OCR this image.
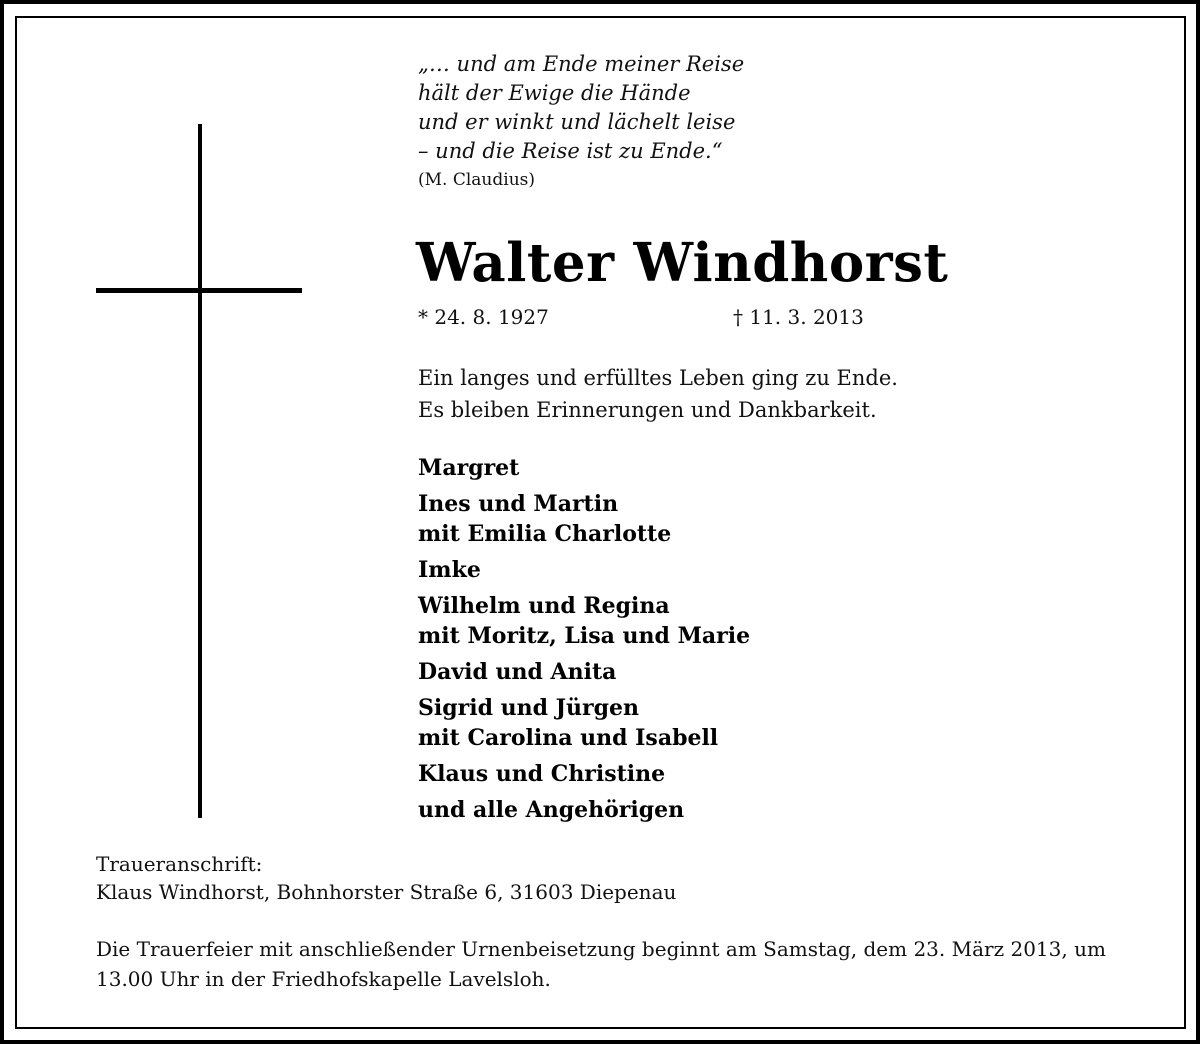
„… und am Ende meiner Reise
hält der Ewige die Hände
und er winkt und lächelt leise
– und die Reise ist zu Ende.“
(M. Claudius)
Walter Windhorst
* 24. 8. 1927	† 11. 3. 2013
Ein langes und erfülltes Leben ging zu Ende.
Es bleiben Erinnerungen und Dankbarkeit.
Margret
Ines und Martin
mit Emilia Charlotte
Imke
Wilhelm und Regina
mit Moritz, Lisa und Marie
David und Anita
Sigrid und Jürgen
mit Carolina und Isabell
Klaus und Christine
und alle Angehörigen
Traueranschrift:
Klaus Windhorst, Bohnhorster Straße 6, 31603 Diepenau
Die Trauerfeier mit anschließender Urnenbeisetzung beginnt am Samstag, dem 23. März 2013, um 13.00 Uhr in der Friedhofskapelle Lavelsloh.
